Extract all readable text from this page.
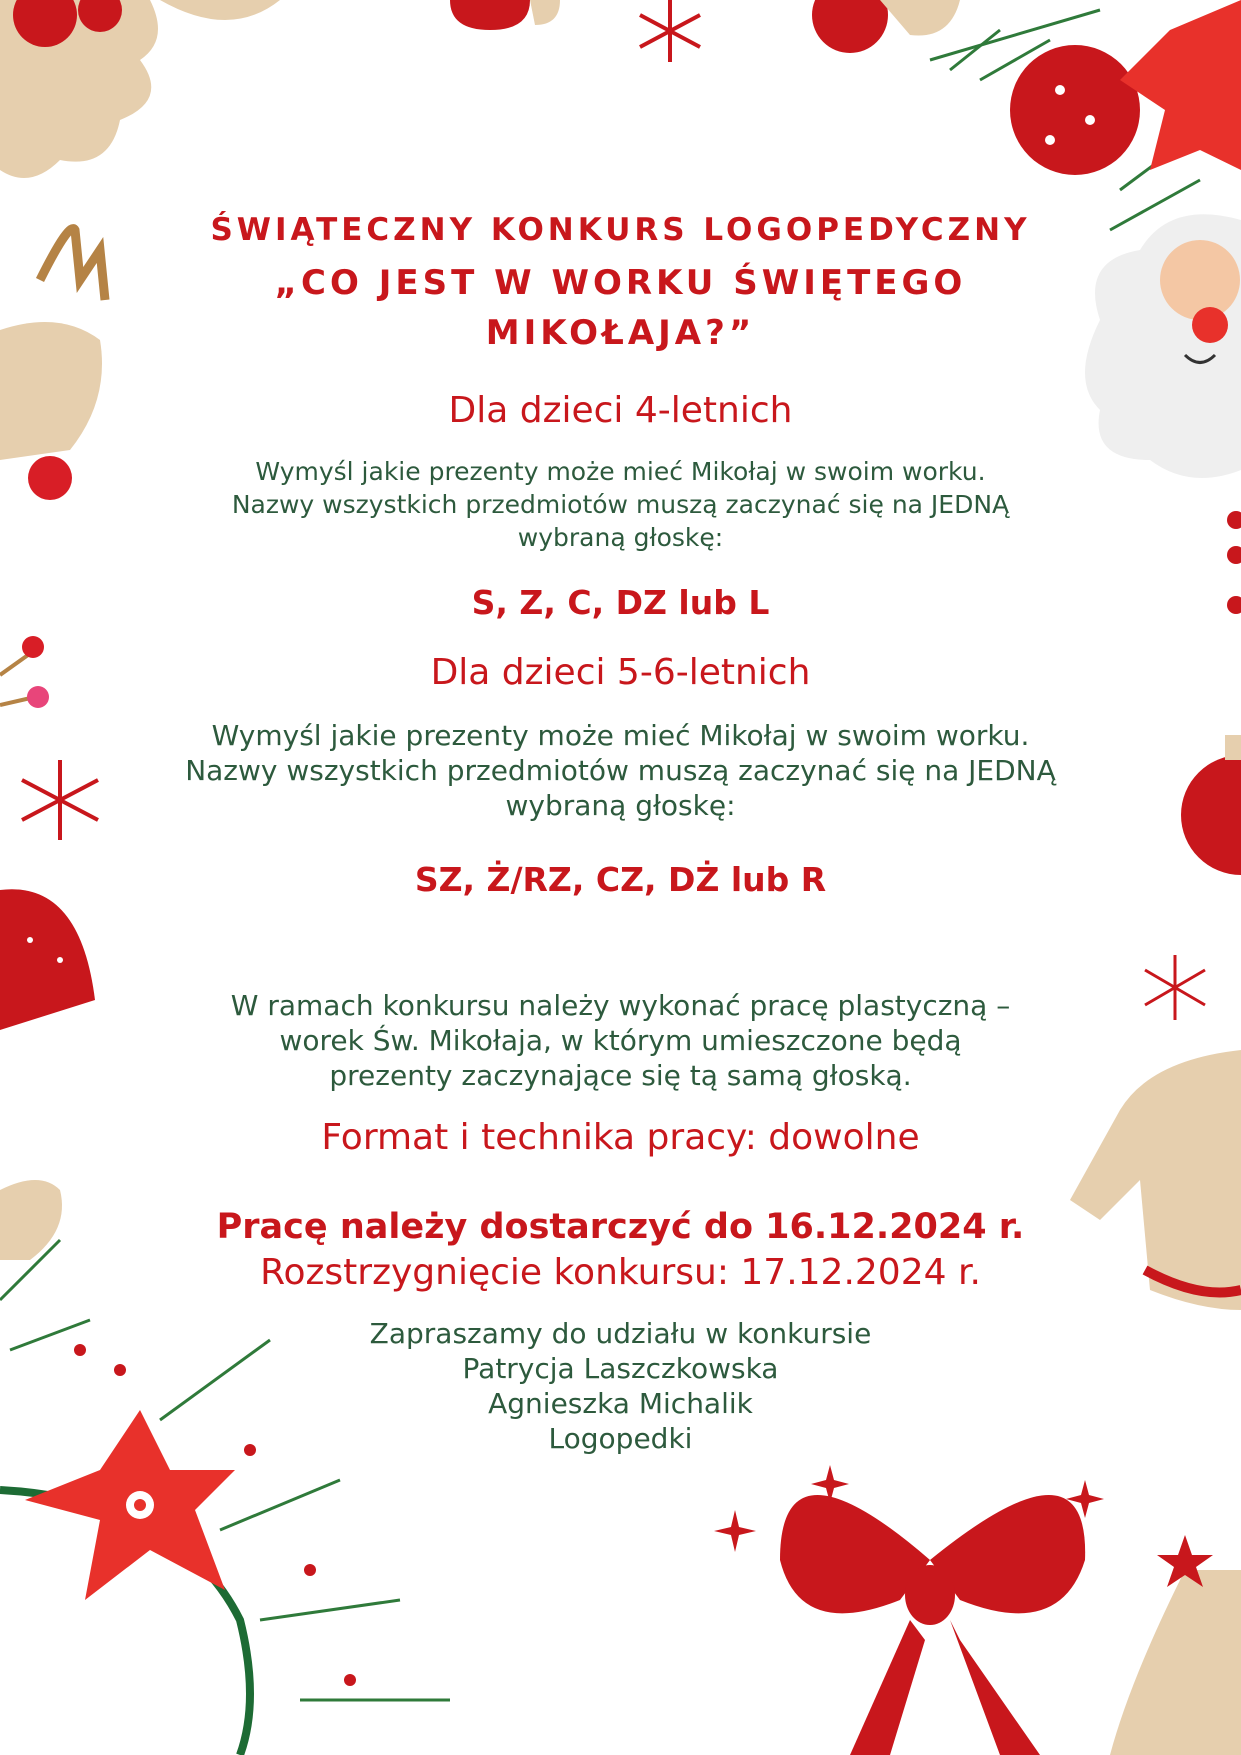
ŚWIĄTECZNY KONKURS LOGOPEDYCZNY
„CO JEST W WORKU ŚWIĘTEGO
MIKOŁAJA?”
Dla dzieci 4-letnich
Wymyśl jakie prezenty może mieć Mikołaj w swoim worku.
Nazwy wszystkich przedmiotów muszą zaczynać się na JEDNĄ
wybraną głoskę:
S, Z, C, DZ lub L
Dla dzieci 5-6-letnich
Wymyśl jakie prezenty może mieć Mikołaj w swoim worku.
Nazwy wszystkich przedmiotów muszą zaczynać się na JEDNĄ
wybraną głoskę:
SZ, Ż/RZ, CZ, DŻ lub R
W ramach konkursu należy wykonać pracę plastyczną –
worek Św. Mikołaja, w którym umieszczone będą
prezenty zaczynające się tą samą głoską.
Format i technika pracy: dowolne
Pracę należy dostarczyć do 16.12.2024 r.
Rozstrzygnięcie konkursu: 17.12.2024 r.
Zapraszamy do udziału w konkursie
Patrycja Laszczkowska
Agnieszka Michalik
Logopedki
